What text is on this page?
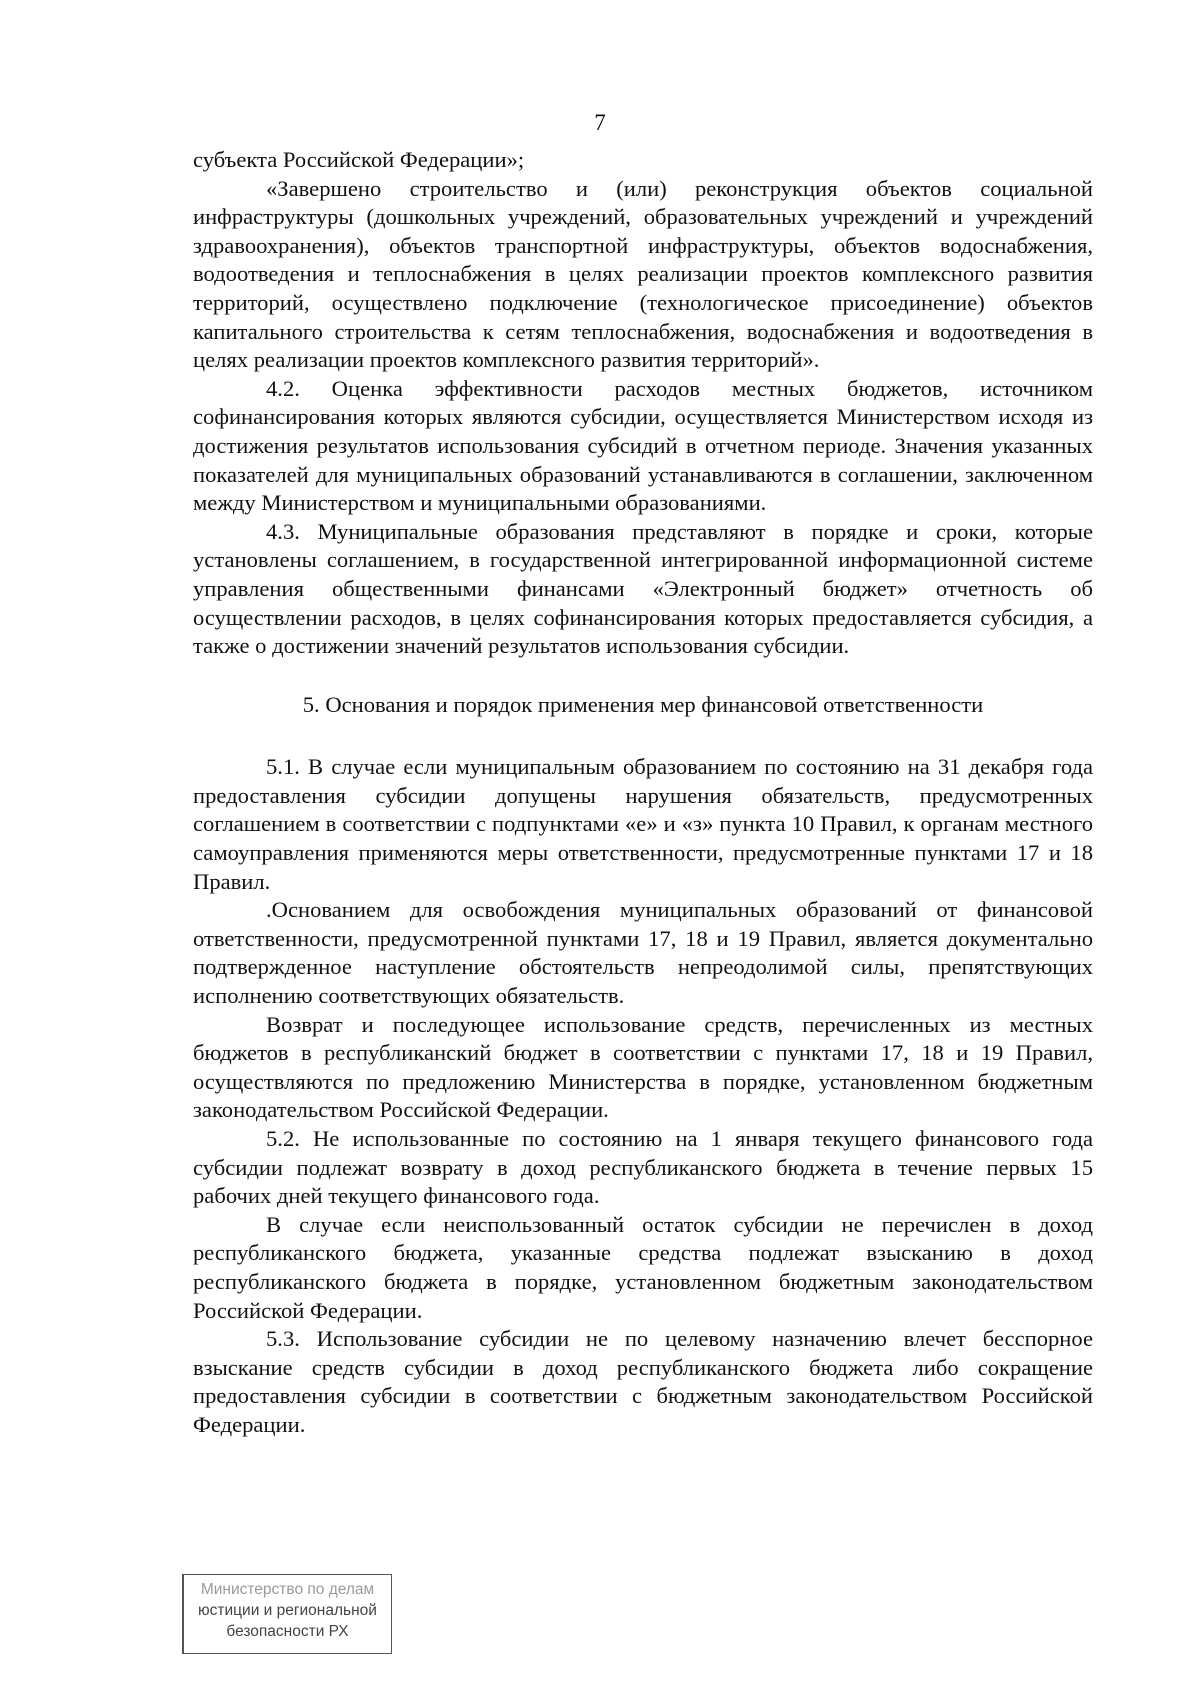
7

субъекта Российской Федерации»;

«Завершено строительство и (или) реконструкция объектов социальной инфраструктуры (дошкольных учреждений, образовательных учреждений и учреждений здравоохранения), объектов транспортной инфраструктуры, объектов водоснабжения, водоотведения и теплоснабжения в целях реализации проектов комплексного развития территорий, осуществлено подключение (технологическое присоединение) объектов капитального строительства к сетям теплоснабжения, водоснабжения и водоотведения в целях реализации проектов комплексного развития территорий».

4.2. Оценка эффективности расходов местных бюджетов, источником софинансирования которых являются субсидии, осуществляется Министерством исходя из достижения результатов использования субсидий в отчетном периоде. Значения указанных показателей для муниципальных образований устанавливаются в соглашении, заключенном между Министерством и муниципальными образованиями.

4.3. Муниципальные образования представляют в порядке и сроки, которые установлены соглашением, в государственной интегрированной информационной системе управления общественными финансами «Электронный бюджет» отчетность об осуществлении расходов, в целях софинансирования которых предоставляется субсидия, а также о достижении значений результатов использования субсидии.

5. Основания и порядок применения мер финансовой ответственности

5.1. В случае если муниципальным образованием по состоянию на 31 декабря года предоставления субсидии допущены нарушения обязательств, предусмотренных соглашением в соответствии с подпунктами «е» и «з» пункта 10 Правил, к органам местного самоуправления применяются меры ответственности, предусмотренные пунктами 17 и 18 Правил.

.Основанием для освобождения муниципальных образований от финансовой ответственности, предусмотренной пунктами 17, 18 и 19 Правил, является документально подтвержденное наступление обстоятельств непреодолимой силы, препятствующих исполнению соответствующих обязательств.

Возврат и последующее использование средств, перечисленных из местных бюджетов в республиканский бюджет в соответствии с пунктами 17, 18 и 19 Правил, осуществляются по предложению Министерства в порядке, установленном бюджетным законодательством Российской Федерации.

5.2. Не использованные по состоянию на 1 января текущего финансового года субсидии подлежат возврату в доход республиканского бюджета в течение первых 15 рабочих дней текущего финансового года.

В случае если неиспользованный остаток субсидии не перечислен в доход республиканского бюджета, указанные средства подлежат взысканию в доход республиканского бюджета в порядке, установленном бюджетным законодательством Российской Федерации.

5.3. Использование субсидии не по целевому назначению влечет бесспорное взыскание средств субсидии в доход республиканского бюджета либо сокращение предоставления субсидии в соответствии с бюджетным законодательством Российской Федерации.

Министерство по делам
юстиции и региональной
безопасности РХ
